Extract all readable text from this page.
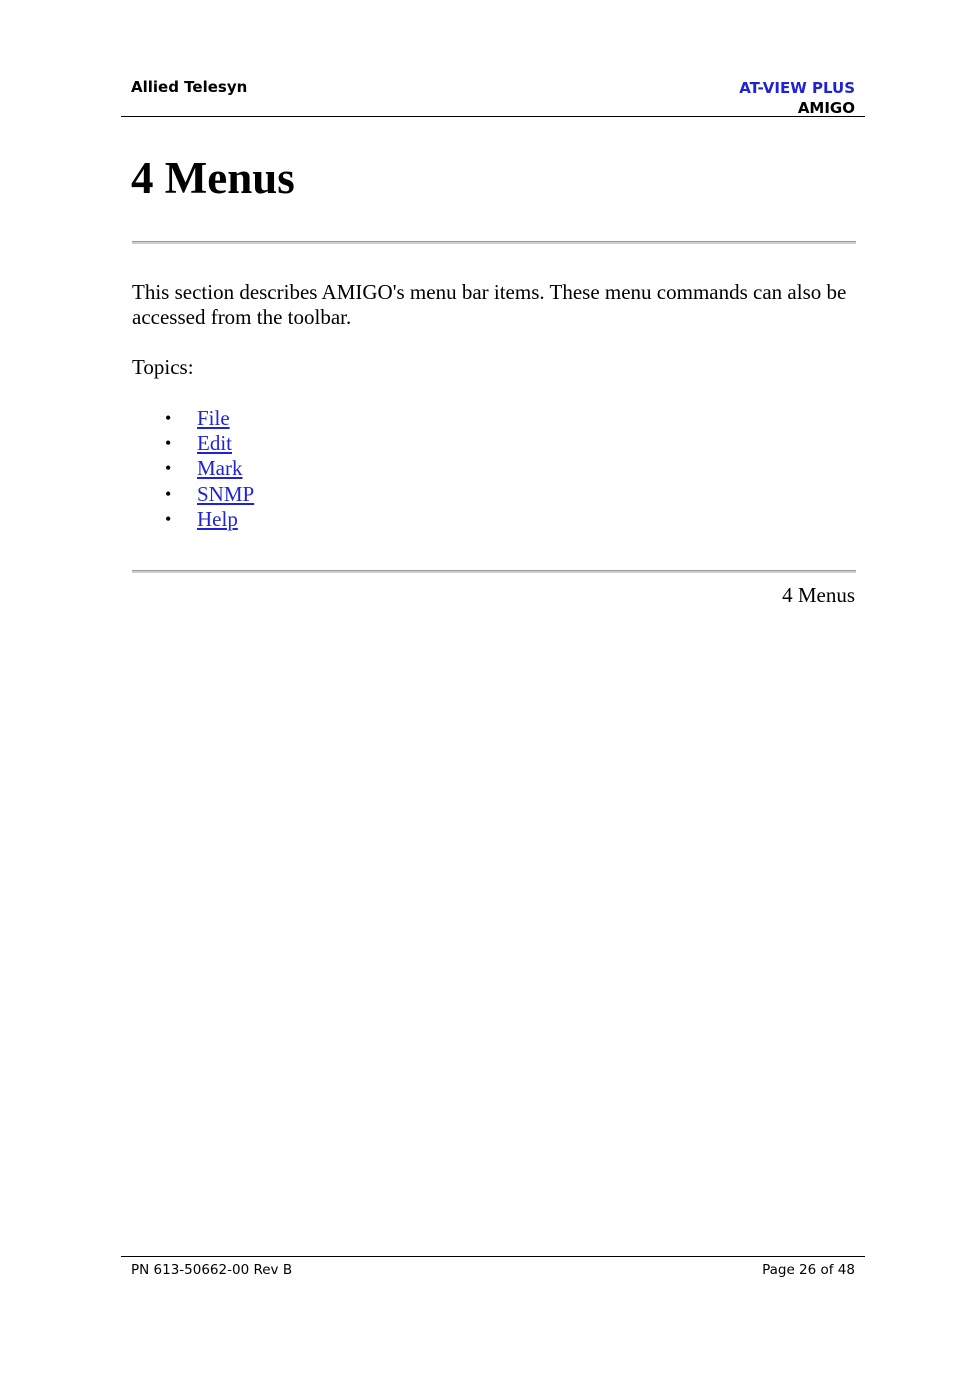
Allied Telesyn	AT-VIEW PLUS
AMIGO
4 Menus

This section describes AMIGO's menu bar items. These menu commands can also be accessed from the toolbar.

Topics:

• File
• Edit
• Mark
• SNMP
• Help

4 Menus

PN 613-50662-00 Rev B	Page 26 of 48
